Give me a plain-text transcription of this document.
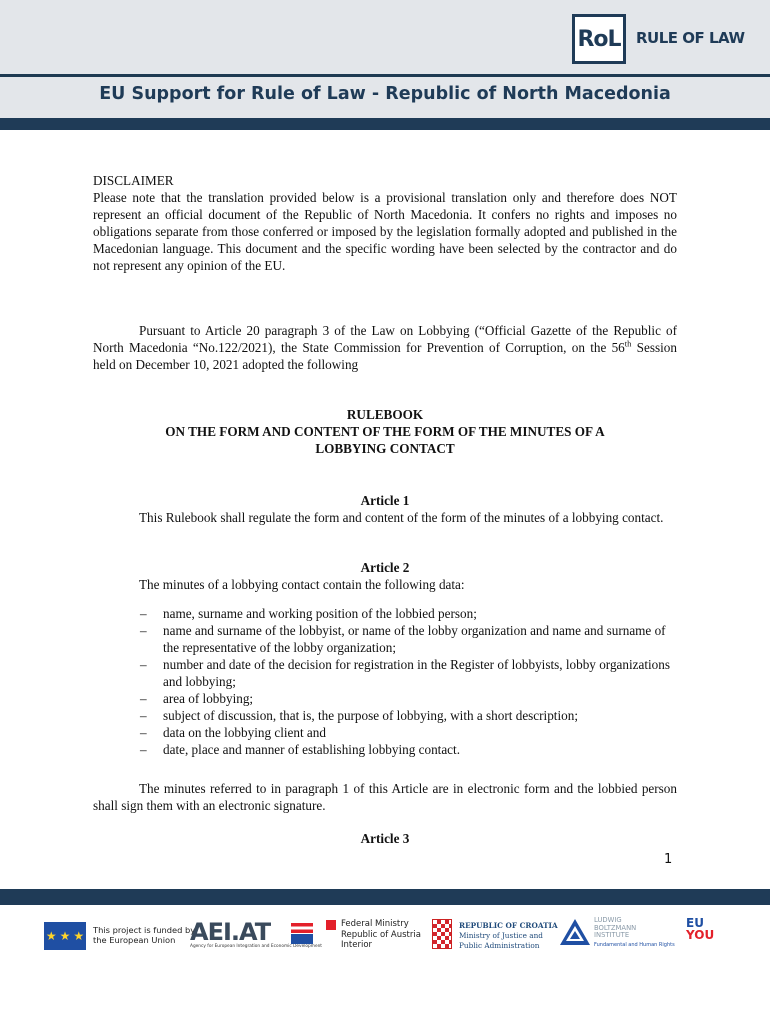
RoL	RULE OF LAW
EU Support for Rule of Law - Republic of North Macedonia
DISCLAIMER
Please note that the translation provided below is a provisional translation only and therefore does NOT represent an official document of the Republic of North Macedonia. It confers no rights and imposes no obligations separate from those conferred or imposed by the legislation formally adopted and published in the Macedonian language. This document and the specific wording have been selected by the contractor and do not represent any opinion of the EU.
Pursuant to Article 20 paragraph 3 of the Law on Lobbying (“Official Gazette of the Republic of North Macedonia “No.122/2021), the State Commission for Prevention of Corruption, on the 56th Session held on December 10, 2021 adopted the following
RULEBOOK
ON THE FORM AND CONTENT OF THE FORM OF THE MINUTES OF A
LOBBYING CONTACT
Article 1
This Rulebook shall regulate the form and content of the form of the minutes of a lobbying contact.
Article 2
The minutes of a lobbying contact contain the following data:
– name, surname and working position of the lobbied person;
– name and surname of the lobbyist, or name of the lobby organization and name and surname of the representative of the lobby organization;
– number and date of the decision for registration in the Register of lobbyists, lobby organizations and lobbying;
– area of lobbying;
– subject of discussion, that is, the purpose of lobbying, with a short description;
– data on the lobbying client and
– date, place and manner of establishing lobbying contact.
The minutes referred to in paragraph 1 of this Article are in electronic form and the lobbied person shall sign them with an electronic signature.
Article 3
1
★ ★ ★ This project is funded by
the European Union AEI.AT
Agency for European Integration and Economic Development
Federal Ministry
Republic of Austria
Interior
REPUBLIC OF CROATIA
Ministry of Justice and
Public Administration
LUDWIG
BOLTZMANN
INSTITUTE
Fundamental and Human Rights
EU
YOU
